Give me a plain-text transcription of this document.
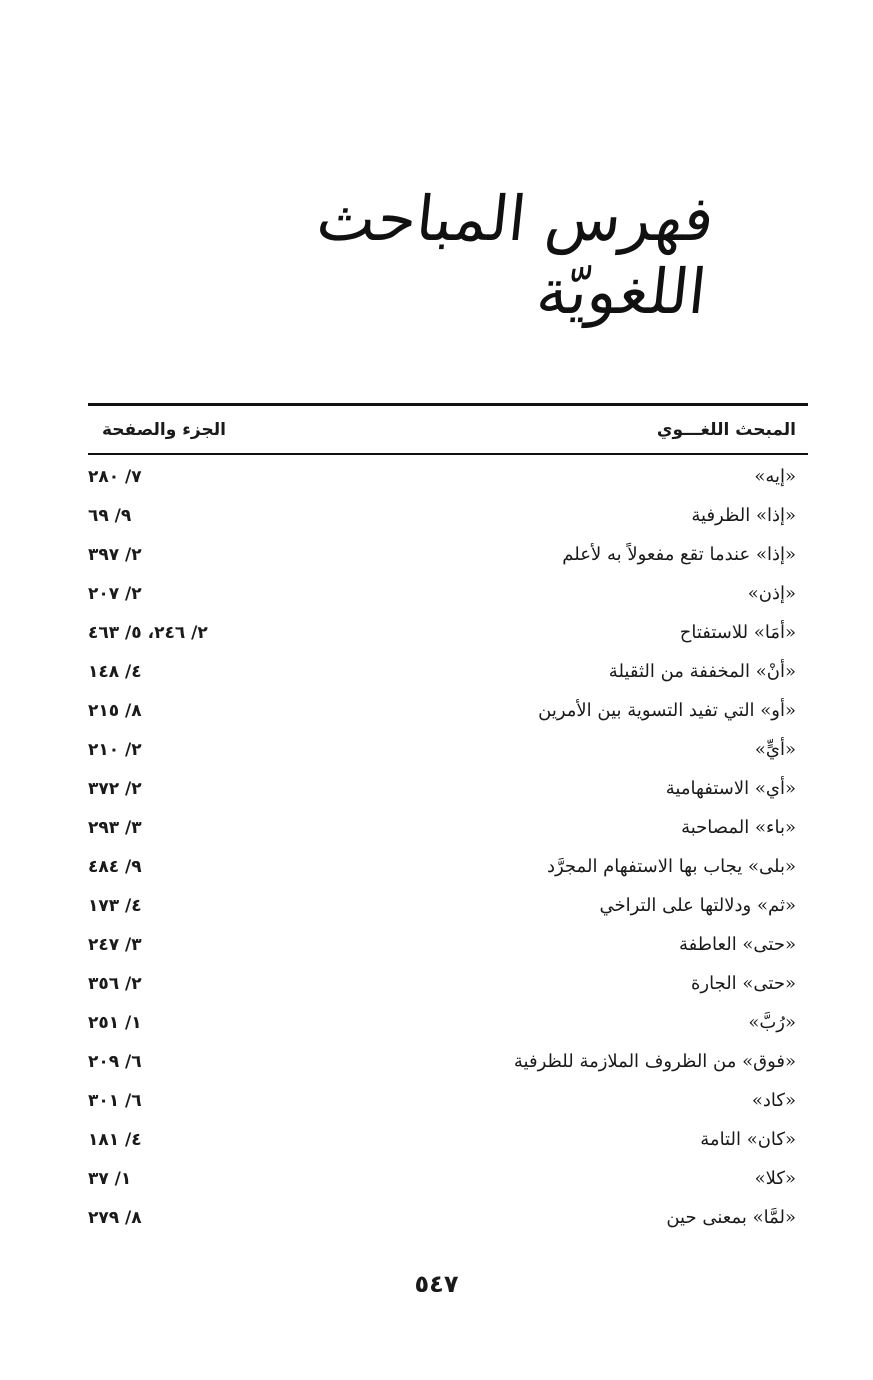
فهرس المباحث اللغويّة
المبحث اللغـــوي
الجزء والصفحة
«إيه»
٧/ ٢٨٠
«إذا» الظرفية
٩/ ٦٩
«إذا» عندما تقع مفعولاً به لأعلم
٢/ ٣٩٧
«إذن»
٢/ ٢٠٧
«أمَا» للاستفتاح
٢/ ٢٤٦، ٥/ ٤٦٣
«أنْ» المخففة من الثقيلة
٤/ ١٤٨
«أو» التي تفيد التسوية بين الأمرين
٨/ ٢١٥
«أيٍّ»
٢/ ٢١٠
«أي» الاستفهامية
٢/ ٣٧٢
«باء» المصاحبة
٣/ ٢٩٣
«بلى» يجاب بها الاستفهام المجرَّد
٩/ ٤٨٤
«ثم» ودلالتها على التراخي
٤/ ١٧٣
«حتى» العاطفة
٣/ ٢٤٧
«حتى» الجارة
٢/ ٣٥٦
«رُبَّ»
١/ ٢٥١
«فوق» من الظروف الملازمة للظرفية
٦/ ٢٠٩
«كاد»
٦/ ٣٠١
«كان» التامة
٤/ ١٨١
«كلا»
١/ ٣٧
«لمَّا» بمعنى حين
٨/ ٢٧٩
٥٤٧
